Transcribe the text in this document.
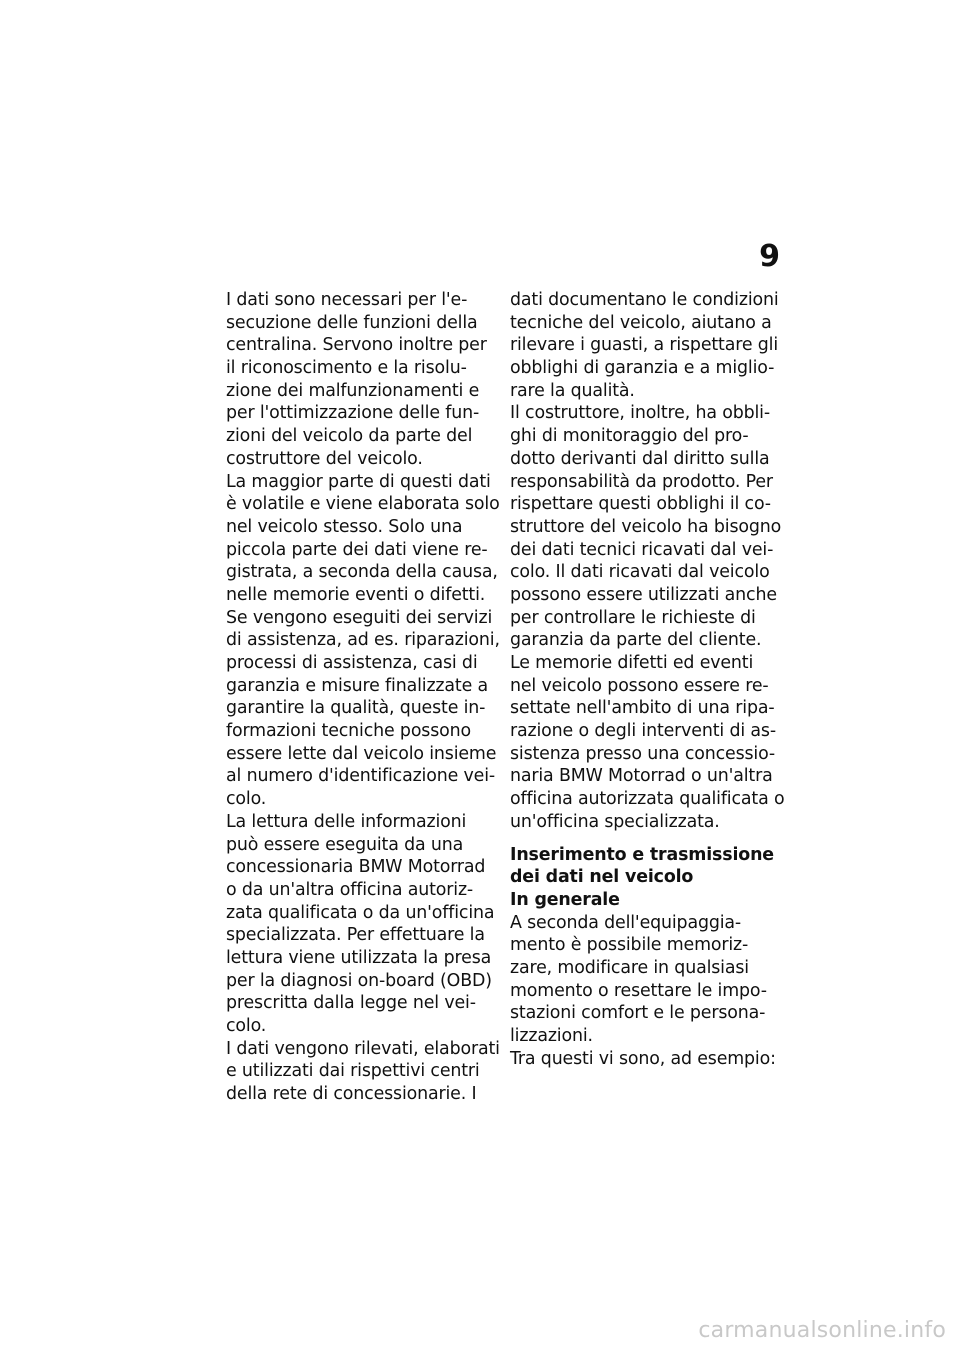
9
I dati sono necessari per l'e-
secuzione delle funzioni della
centralina. Servono inoltre per
il riconoscimento e la risolu-
zione dei malfunzionamenti e
per l'ottimizzazione delle fun-
zioni del veicolo da parte del
costruttore del veicolo.
La maggior parte di questi dati
è volatile e viene elaborata solo
nel veicolo stesso. Solo una
piccola parte dei dati viene re-
gistrata, a seconda della causa,
nelle memorie eventi o difetti.
Se vengono eseguiti dei servizi
di assistenza, ad es. riparazioni,
processi di assistenza, casi di
garanzia e misure finalizzate a
garantire la qualità, queste in-
formazioni tecniche possono
essere lette dal veicolo insieme
al numero d'identificazione vei-
colo.
La lettura delle informazioni
può essere eseguita da una
concessionaria BMW Motorrad
o da un'altra officina autoriz-
zata qualificata o da un'officina
specializzata. Per effettuare la
lettura viene utilizzata la presa
per la diagnosi on-board (OBD)
prescritta dalla legge nel vei-
colo.
I dati vengono rilevati, elaborati
e utilizzati dai rispettivi centri
della rete di concessionarie. I
dati documentano le condizioni
tecniche del veicolo, aiutano a
rilevare i guasti, a rispettare gli
obblighi di garanzia e a miglio-
rare la qualità.
Il costruttore, inoltre, ha obbli-
ghi di monitoraggio del pro-
dotto derivanti dal diritto sulla
responsabilità da prodotto. Per
rispettare questi obblighi il co-
struttore del veicolo ha bisogno
dei dati tecnici ricavati dal vei-
colo. Il dati ricavati dal veicolo
possono essere utilizzati anche
per controllare le richieste di
garanzia da parte del cliente.
Le memorie difetti ed eventi
nel veicolo possono essere re-
settate nell'ambito di una ripa-
razione o degli interventi di as-
sistenza presso una concessio-
naria BMW Motorrad o un'altra
officina autorizzata qualificata o
un'officina specializzata.
Inserimento e trasmissione
dei dati nel veicolo
In generale
A seconda dell'equipaggia-
mento è possibile memoriz-
zare, modificare in qualsiasi
momento o resettare le impo-
stazioni comfort e le persona-
lizzazioni.
Tra questi vi sono, ad esempio:
carmanualsonline.info
